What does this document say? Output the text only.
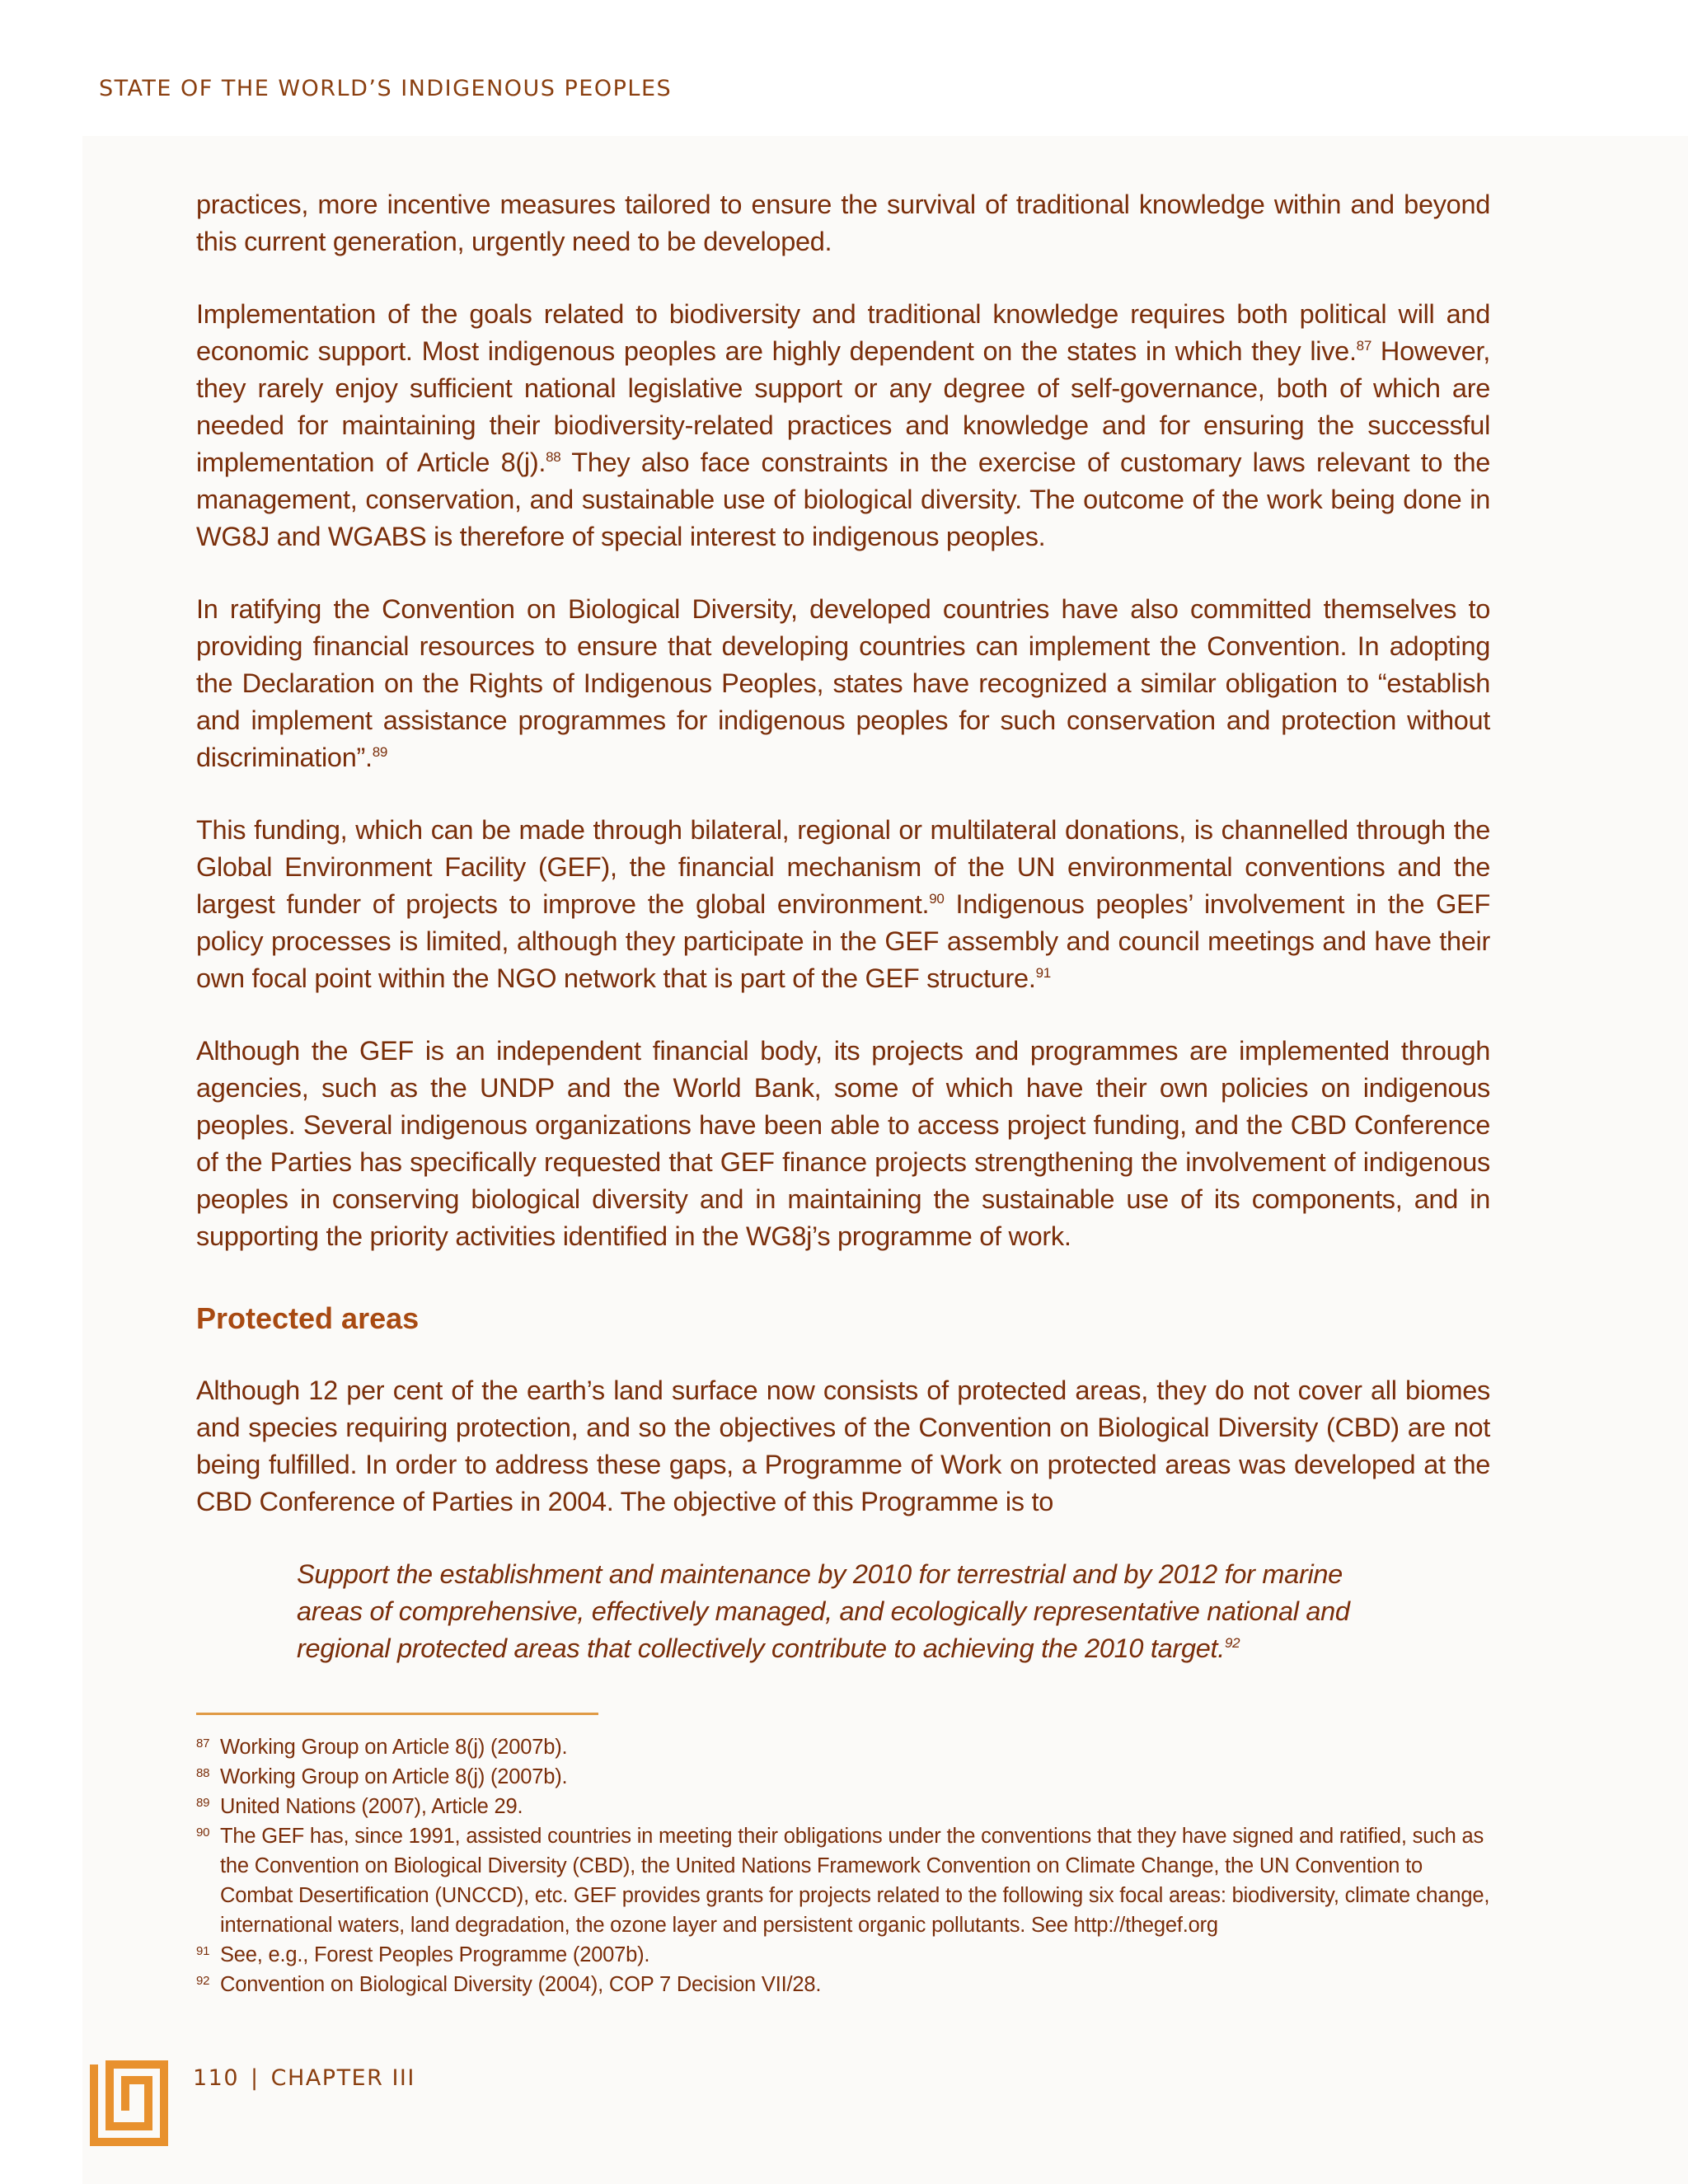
STATE OF THE WORLD’S INDIGENOUS PEOPLES

practices, more incentive measures tailored to ensure the survival of traditional knowledge within and beyond this current generation, urgently need to be developed.

Implementation of the goals related to biodiversity and traditional knowledge requires both political will and economic support. Most indigenous peoples are highly dependent on the states in which they live.$^{87}$ However, they rarely enjoy sufficient national legislative support or any degree of self-governance, both of which are needed for maintaining their biodiversity-related practices and knowledge and for ensuring the successful implementation of Article 8(j).$^{88}$ They also face constraints in the exercise of customary laws relevant to the management, conservation, and sustainable use of biological diversity. The outcome of the work being done in WG8J and WGABS is therefore of special interest to indigenous peoples.

In ratifying the Convention on Biological Diversity, developed countries have also committed themselves to providing financial resources to ensure that developing countries can implement the Convention. In adopting the Declaration on the Rights of Indigenous Peoples, states have recognized a similar obligation to “establish and implement assistance programmes for indigenous peoples for such conservation and protection without discrimination”.$^{89}$

This funding, which can be made through bilateral, regional or multilateral donations, is channelled through the Global Environment Facility (GEF), the financial mechanism of the UN environmental conventions and the largest funder of projects to improve the global environment.$^{90}$ Indigenous peoples’ involvement in the GEF policy processes is limited, although they participate in the GEF assembly and council meetings and have their own focal point within the NGO network that is part of the GEF structure.$^{91}$

Although the GEF is an independent financial body, its projects and programmes are implemented through agencies, such as the UNDP and the World Bank, some of which have their own policies on indigenous peoples. Several indigenous organizations have been able to access project funding, and the CBD Conference of the Parties has specifically requested that GEF finance projects strengthening the involvement of indigenous peoples in conserving biological diversity and in maintaining the sustainable use of its components, and in supporting the priority activities identified in the WG8j’s programme of work.

Protected areas

Although 12 per cent of the earth’s land surface now consists of protected areas, they do not cover all biomes and species requiring protection, and so the objectives of the Convention on Biological Diversity (CBD) are not being fulfilled. In order to address these gaps, a Programme of Work on protected areas was developed at the CBD Conference of Parties in 2004. The objective of this Programme is to

Support the establishment and maintenance by 2010 for terrestrial and by 2012 for marine areas of comprehensive, effectively managed, and ecologically representative national and regional protected areas that collectively contribute to achieving the 2010 target.$^{92}$

87 Working Group on Article 8(j) (2007b).
88 Working Group on Article 8(j) (2007b).
89 United Nations (2007), Article 29.
90 The GEF has, since 1991, assisted countries in meeting their obligations under the conventions that they have signed and ratified, such as the Convention on Biological Diversity (CBD), the United Nations Framework Convention on Climate Change, the UN Convention to Combat Desertification (UNCCD), etc. GEF provides grants for projects related to the following six focal areas: biodiversity, climate change, international waters, land degradation, the ozone layer and persistent organic pollutants. See http://thegef.org
91 See, e.g., Forest Peoples Programme (2007b).
92 Convention on Biological Diversity (2004), COP 7 Decision VII/28.
110 | CHAPTER III
